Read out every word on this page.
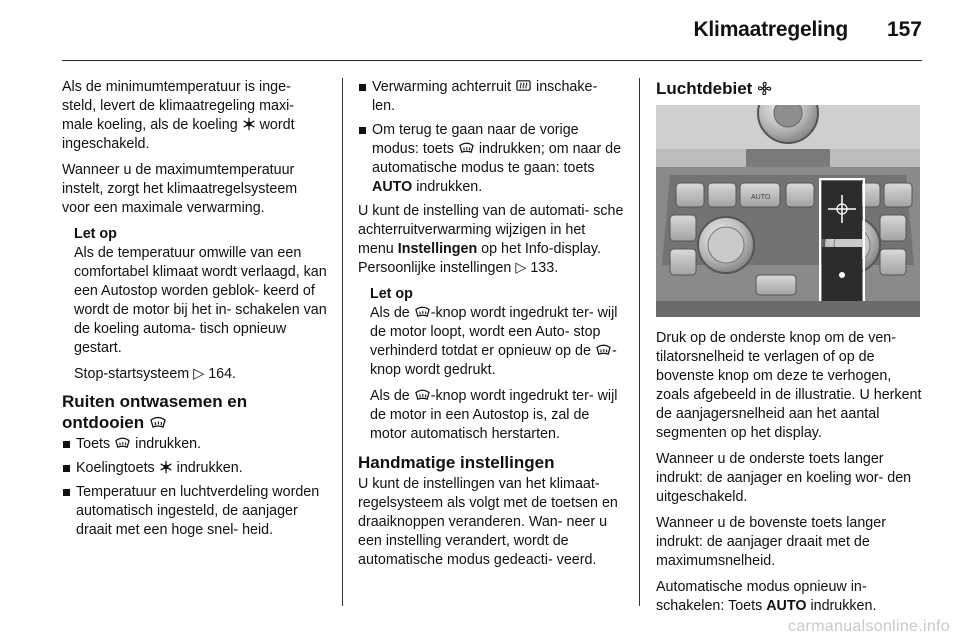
Klimaatregeling	157

Als de minimumtemperatuur is inge- steld, levert de klimaatregeling maxi- male koeling, als de koeling wordt ingeschakeld.

Wanneer u de maximumtemperatuur instelt, zorgt het klimaatregelsysteem voor een maximale verwarming.

Let op

Als de temperatuur omwille van een comfortabel klimaat wordt verlaagd, kan een Autostop worden geblok- keerd of wordt de motor bij het in- schakelen van de koeling automa- tisch opnieuw gestart.

Stop-startsysteem ▷ 164.

Ruiten ontwasemen en ontdooien
Toets indrukken.
Koelingtoets indrukken.
Temperatuur en luchtverdeling worden automatisch ingesteld, de aanjager draait met een hoge snel- heid.
Verwarming achterruit inschake- len.
Om terug te gaan naar de vorige modus: toets indrukken; om naar de automatische modus te gaan: toets AUTO indrukken.

U kunt de instelling van de automati- sche achterruitverwarming wijzigen in het menu Instellingen op het Info-display. Persoonlijke instellingen ▷ 133.

Let op

Als de -knop wordt ingedrukt ter- wijl de motor loopt, wordt een Auto- stop verhinderd totdat er opnieuw op de -knop wordt gedrukt.

Als de -knop wordt ingedrukt ter- wijl de motor in een Autostop is, zal de motor automatisch herstarten.

Handmatige instellingen

U kunt de instellingen van het klimaat- regelsysteem als volgt met de toetsen en draaiknoppen veranderen. Wan- neer u een instelling verandert, wordt de automatische modus gedeacti- veerd.

Luchtdebiet
AUTO

Druk op de onderste knop om de ven- tilatorsnelheid te verlagen of op de bovenste knop om deze te verhogen, zoals afgebeeld in de illustratie. U herkent de aanjagersnelheid aan het aantal segmenten op het display.

Wanneer u de onderste toets langer indrukt: de aanjager en koeling wor- den uitgeschakeld.

Wanneer u de bovenste toets langer indrukt: de aanjager draait met de maximumsnelheid.

Automatische modus opnieuw in- schakelen: Toets AUTO indrukken.

carmanualsonline.info
